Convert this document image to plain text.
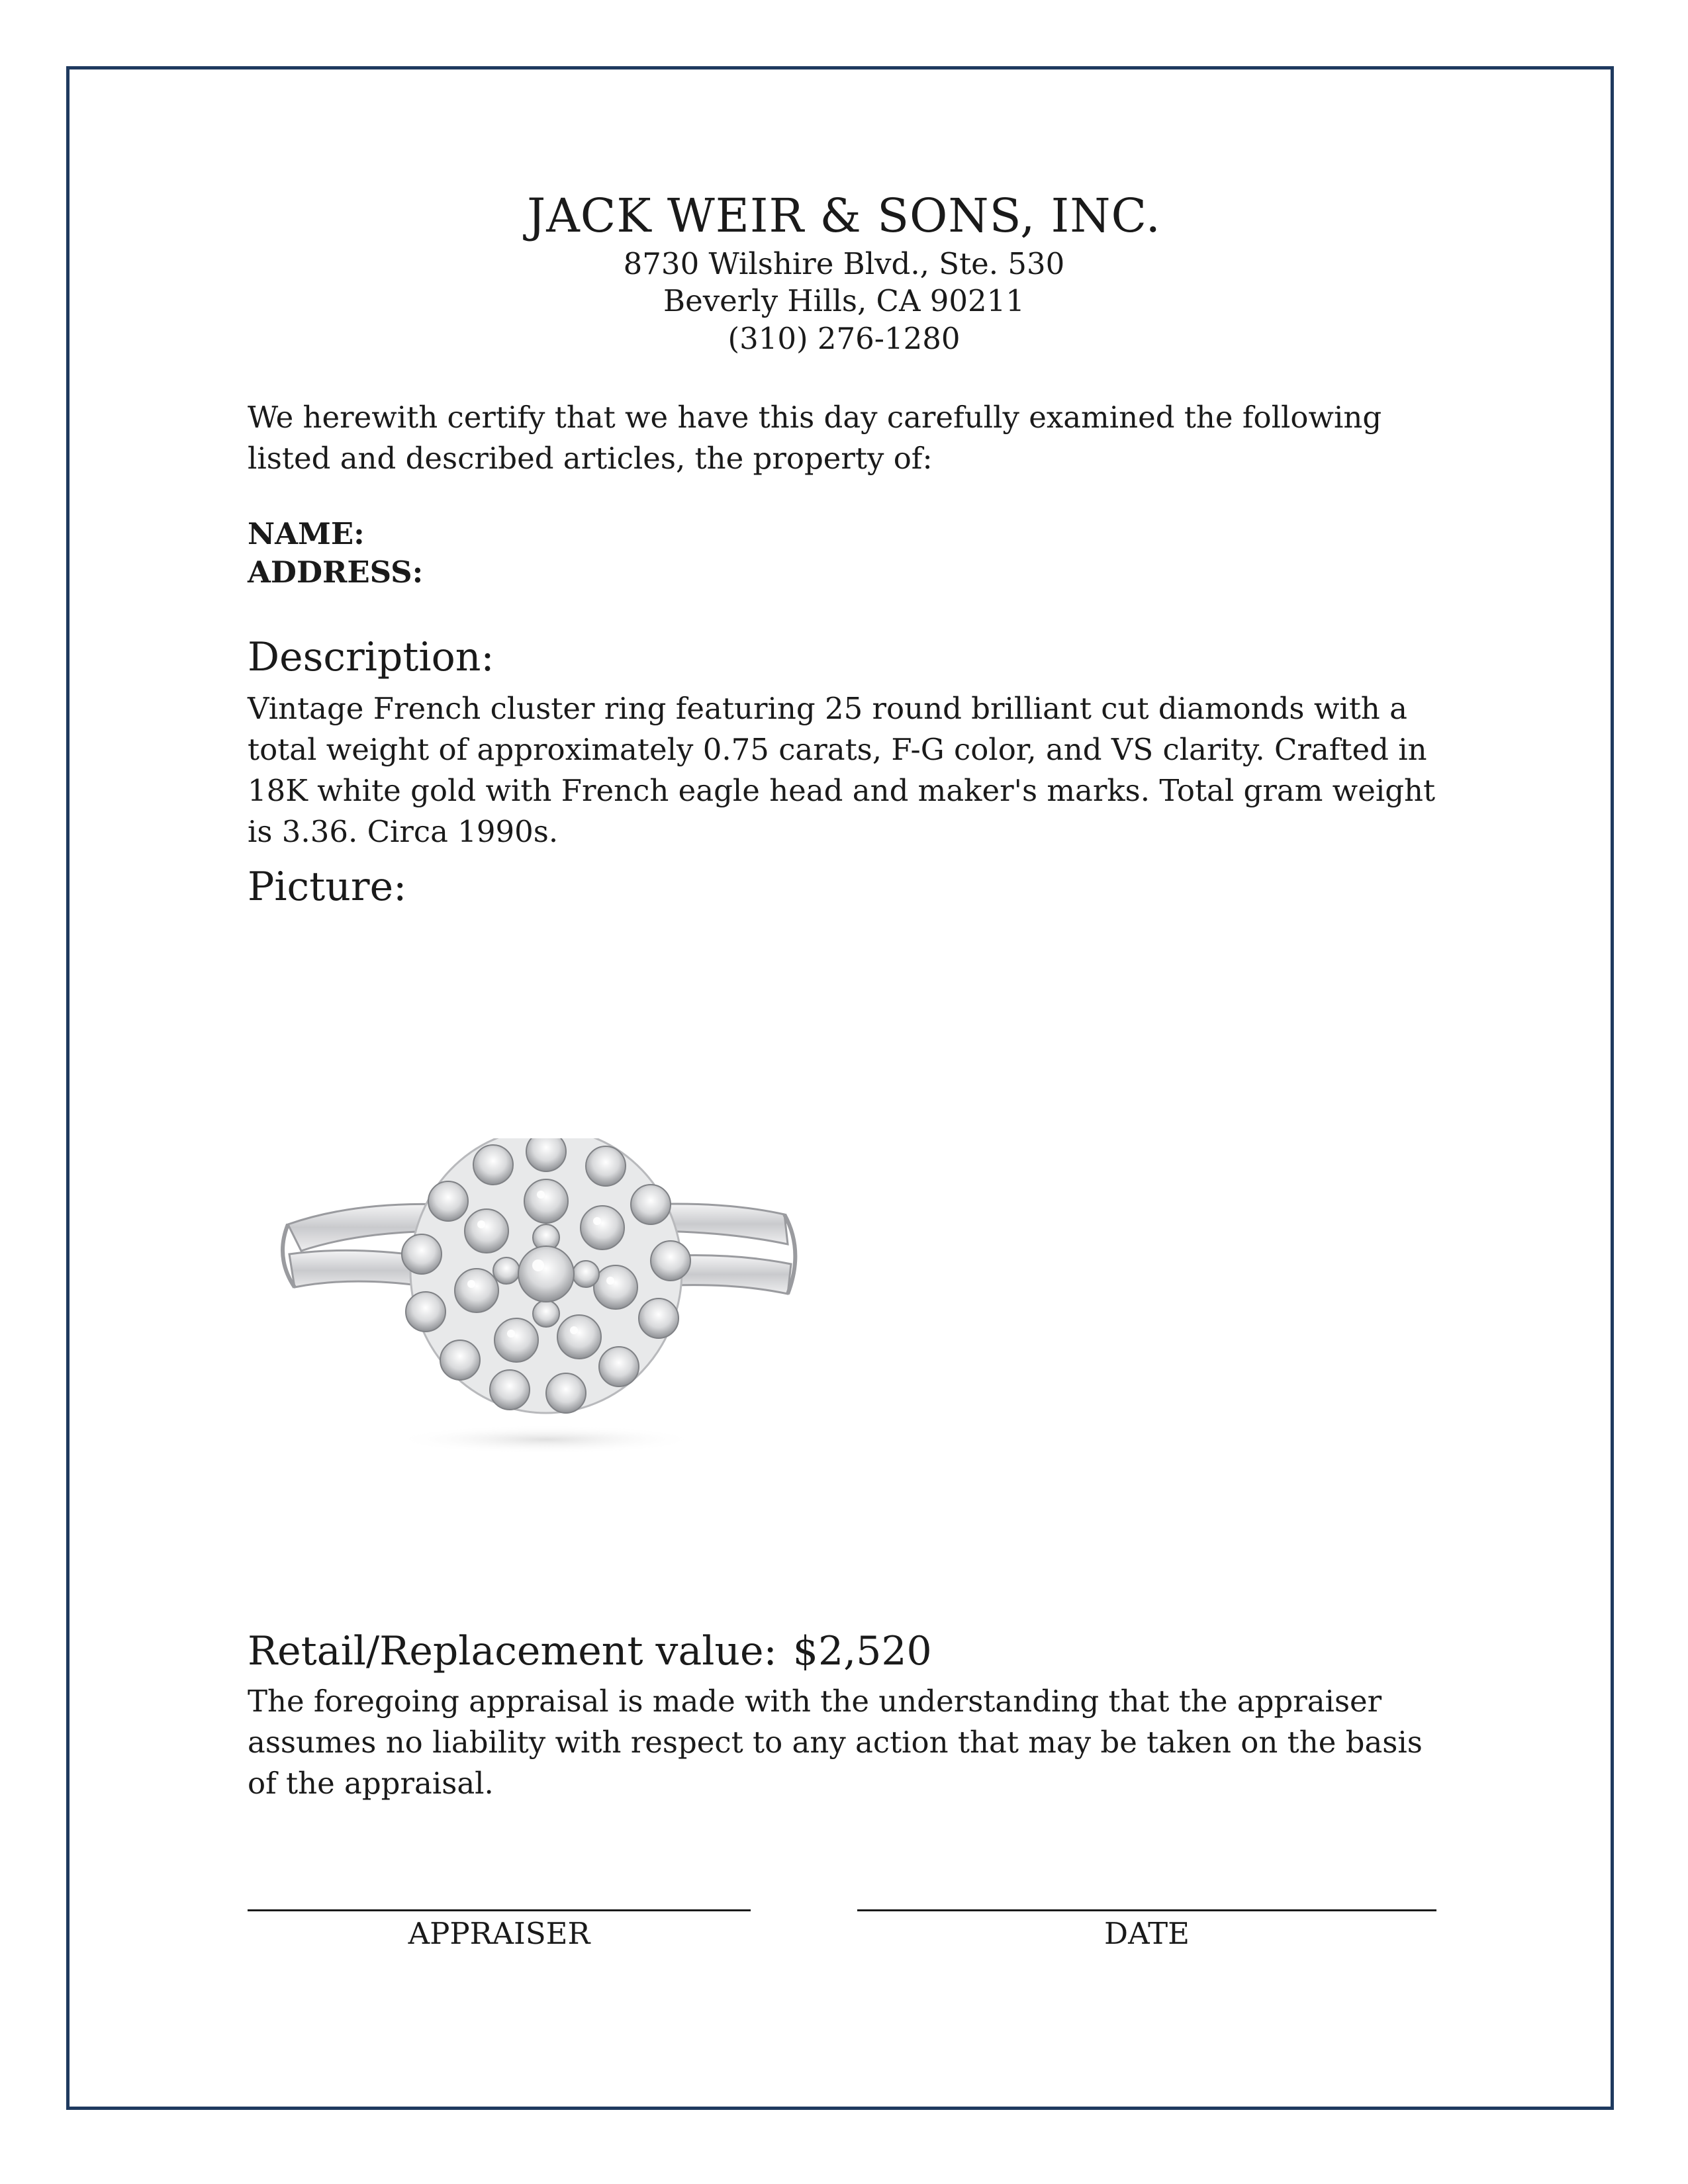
JACK WEIR & SONS, INC.
8730 Wilshire Blvd., Ste. 530
Beverly Hills, CA 90211
(310) 276-1280
We herewith certify that we have this day carefully examined the following listed and described articles, the property of:
NAME:
ADDRESS:
Description:
Vintage French cluster ring featuring 25 round brilliant cut diamonds with a total weight of approximately 0.75 carats, F-G color, and VS clarity. Crafted in 18K white gold with French eagle head and maker's marks. Total gram weight is 3.36. Circa 1990s.
Picture:
Retail/Replacement value: $2,520
The foregoing appraisal is made with the understanding that the appraiser assumes no liability with respect to any action that may be taken on the basis of the appraisal.
APPRAISER	DATE
